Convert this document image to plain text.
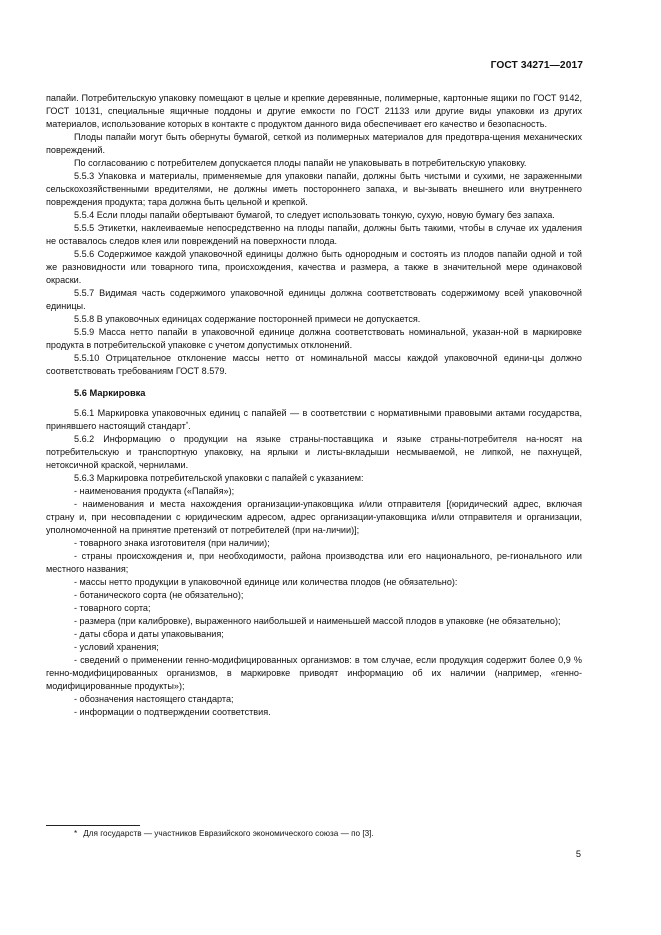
ГОСТ 34271—2017

папайи. Потребительскую упаковку помещают в целые и крепкие деревянные, полимерные, картонные ящики по ГОСТ 9142, ГОСТ 10131, специальные ящичные поддоны и другие емкости по ГОСТ 21133 или другие виды упаковки из других материалов, использование которых в контакте с продуктом данного вида обеспечивает его качество и безопасность.

Плоды папайи могут быть обернуты бумагой, сеткой из полимерных материалов для предотвра-щения механических повреждений.

По согласованию с потребителем допускается плоды папайи не упаковывать в потребительскую упаковку.

5.5.3 Упаковка и материалы, применяемые для упаковки папайи, должны быть чистыми и сухими, не зараженными сельскохозяйственными вредителями, не должны иметь постороннего запаха, и вы-зывать внешнего или внутреннего повреждения продукта; тара должна быть цельной и крепкой.

5.5.4 Если плоды папайи обертывают бумагой, то следует использовать тонкую, сухую, новую бумагу без запаха.

5.5.5 Этикетки, наклеиваемые непосредственно на плоды папайи, должны быть такими, чтобы в случае их удаления не оставалось следов клея или повреждений на поверхности плода.

5.5.6 Содержимое каждой упаковочной единицы должно быть однородным и состоять из плодов папайи одной и той же разновидности или товарного типа, происхождения, качества и размера, а также в значительной мере одинаковой окраски.

5.5.7 Видимая часть содержимого упаковочной единицы должна соответствовать содержимому всей упаковочной единицы.

5.5.8 В упаковочных единицах содержание посторонней примеси не допускается.

5.5.9 Масса нетто папайи в упаковочной единице должна соответствовать номинальной, указан-ной в маркировке продукта в потребительской упаковке с учетом допустимых отклонений.

5.5.10 Отрицательное отклонение массы нетто от номинальной массы каждой упаковочной едини-цы должно соответствовать требованиям ГОСТ 8.579.

5.6 Маркировка

5.6.1 Маркировка упаковочных единиц с папайей — в соответствии с нормативными правовыми актами государства, принявшего настоящий стандарт*.

5.6.2 Информацию о продукции на языке страны-поставщика и языке страны-потребителя на-носят на потребительскую и транспортную упаковку, на ярлыки и листы-вкладыши несмываемой, не липкой, не пахнущей, нетоксичной краской, чернилами.

5.6.3 Маркировка потребительской упаковки с папайей с указанием:

- наименования продукта («Папайя»);

- наименования и места нахождения организации-упаковщика и/или отправителя [(юридический адрес, включая страну и, при несовпадении с юридическим адресом, адрес организации-упаковщика и/или отправителя и организации, уполномоченной на принятие претензий от потребителей (при на-личии)];

- товарного знака изготовителя (при наличии);

- страны происхождения и, при необходимости, района производства или его национального, ре-гионального или местного названия;

- массы нетто продукции в упаковочной единице или количества плодов (не обязательно):

- ботанического сорта (не обязательно);

- товарного сорта;

- размера (при калибровке), выраженного наибольшей и наименьшей массой плодов в упаковке (не обязательно);

- даты сбора и даты упаковывания;

- условий хранения;

- сведений о применении генно-модифицированных организмов: в том случае, если продукция содержит более 0,9 % генно-модифицированных организмов, в маркировке приводят информацию об их наличии (например, «генно-модифицированные продукты»);

- обозначения настоящего стандарта;

- информации о подтверждении соответствия.

* Для государств — участников Евразийского экономического союза — по [3].
5
